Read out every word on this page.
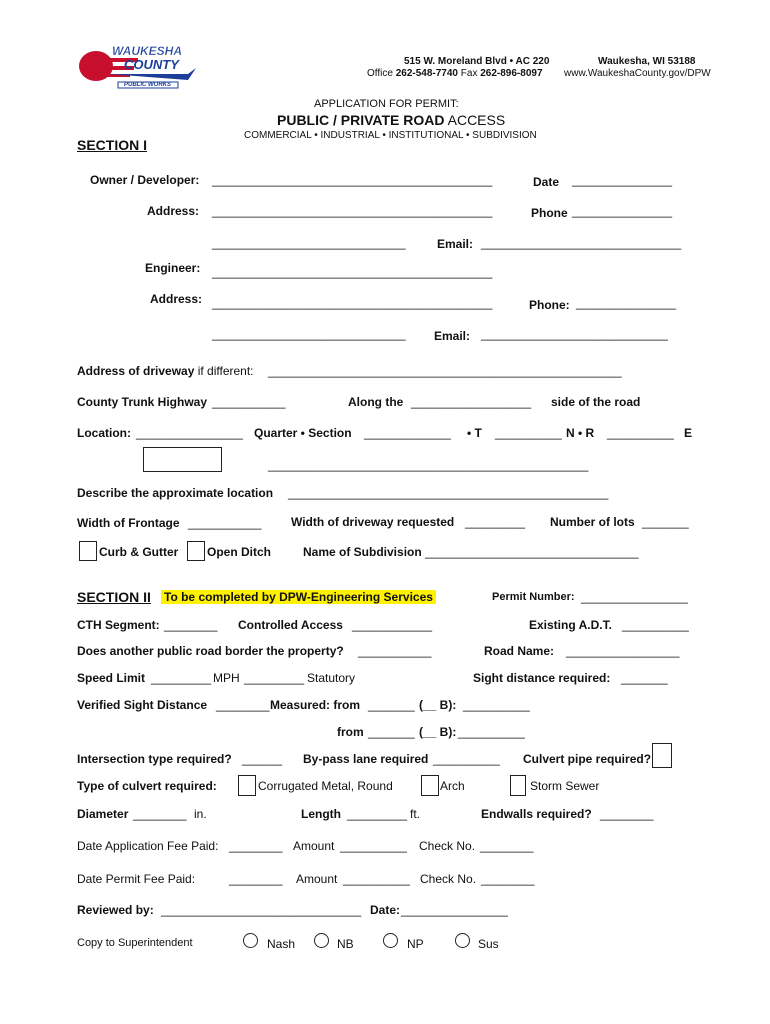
WAUKESHA
COUNTY
PUBLIC WORKS
515 W. Moreland Blvd • AC 220	Waukesha, WI 53188
Office 262-548-7740 Fax 262-896-8097 www.WaukeshaCounty.gov/DPW
APPLICATION FOR PERMIT:
PUBLIC / PRIVATE ROAD ACCESS
COMMERCIAL • INDUSTRIAL • INSTITUTIONAL • SUBDIVISION
SECTION I
Owner / Developer: __________________________________________	Date _______________
Address: __________________________________________	Phone _______________
_____________________________	Email: ______________________________
Engineer: __________________________________________
Address: __________________________________________	Phone: _______________
_____________________________ Email: ____________________________
Address of driveway if different: _____________________________________________________
County Trunk Highway ___________	Along the __________________ side of the road
Location: ________________ Quarter • Section _____________ • T __________ N • R __________ E
________________________________________________
Describe the approximate location ________________________________________________
Width of Frontage ___________ Width of driveway requested _________ Number of lots _______
Curb & Gutter Open Ditch	Name of Subdivision ________________________________
SECTION II To be completed by DPW-Engineering Services	Permit Number: ________________
CTH Segment: ________ Controlled Access ____________	Existing A.D.T. __________
Does another public road border the property? ___________	Road Name: _________________
Speed Limit _________ MPH _________ Statutory	Sight distance required: _______
Verified Sight Distance ________ Measured: from _______ (__ B): __________
from _______ (__ B): __________
Intersection type required? ______ By-pass lane required __________ Culvert pipe required?
Type of culvert required:	Corrugated Metal, Round	Arch	Storm Sewer
Diameter ________ in.	Length _________ ft.	Endwalls required? ________
Date Application Fee Paid: ________ Amount __________ Check No. ________
Date Permit Fee Paid:	________ Amount __________ Check No. ________
Reviewed by: ______________________________ Date: ________________
Copy to Superintendent	Nash	NB	NP	Sus
